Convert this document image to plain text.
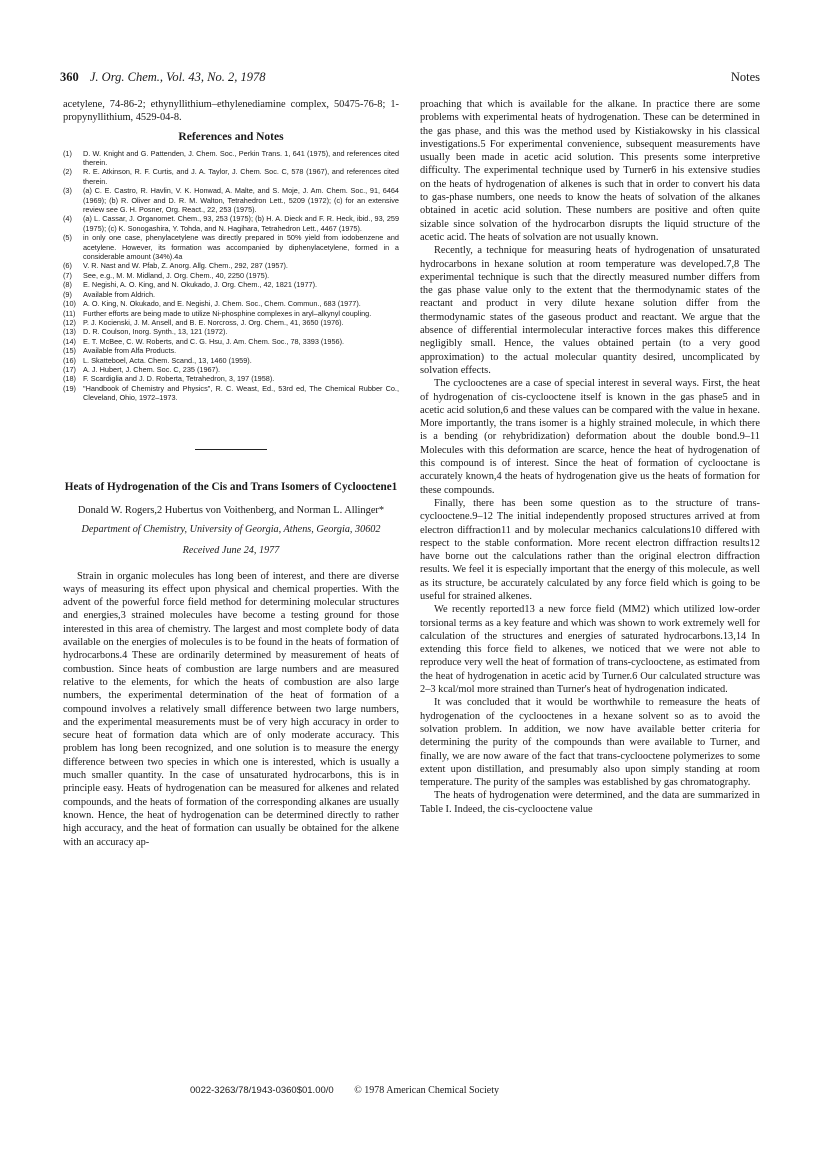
360 J. Org. Chem., Vol. 43, No. 2, 1978	Notes

acetylene, 74-86-2; ethynyllithium–ethylenediamine complex, 50475-76-8; 1-propynyllithium, 4529-04-8.

References and Notes
(1)	D. W. Knight and G. Pattenden, J. Chem. Soc., Perkin Trans. 1, 641 (1975), and references cited therein.
(2)	R. E. Atkinson, R. F. Curtis, and J. A. Taylor, J. Chem. Soc. C, 578 (1967), and references cited therein.
(3)	(a) C. E. Castro, R. Havlin, V. K. Honwad, A. Malte, and S. Moje, J. Am. Chem. Soc., 91, 6464 (1969); (b) R. Oliver and D. R. M. Walton, Tetrahedron Lett., 5209 (1972); (c) for an extensive review see G. H. Posner, Org. React., 22, 253 (1975).
(4)	(a) L. Cassar, J. Organomet. Chem., 93, 253 (1975); (b) H. A. Dieck and F. R. Heck, ibid., 93, 259 (1975); (c) K. Sonogashira, Y. Tohda, and N. Hagihara, Tetrahedron Lett., 4467 (1975).
(5)	in only one case, phenylacetylene was directly prepared in 50% yield from iodobenzene and acetylene. However, its formation was accompanied by diphenylacetylene, formed in a considerable amount (34%).4a
(6)	V. R. Nast and W. Pfab, Z. Anorg. Allg. Chem., 292, 287 (1957).
(7)	See, e.g., M. M. Midland, J. Org. Chem., 40, 2250 (1975).
(8)	E. Negishi, A. O. King, and N. Okukado, J. Org. Chem., 42, 1821 (1977).
(9)	Available from Aldrich.
(10) A. O. King, N. Okukado, and E. Negishi, J. Chem. Soc., Chem. Commun., 683 (1977).
(11)	Further efforts are being made to utilize Ni-phosphine complexes in aryl–alkynyl coupling.
(12) P. J. Kocienski, J. M. Ansell, and B. E. Norcross, J. Org. Chem., 41, 3650 (1976).
(13) D. R. Coulson, Inorg. Synth., 13, 121 (1972).
(14) E. T. McBee, C. W. Roberts, and C. G. Hsu, J. Am. Chem. Soc., 78, 3393 (1956).
(15) Available from Alfa Products.
(16) L. Skatteboel, Acta. Chem. Scand., 13, 1460 (1959).
(17) A. J. Hubert, J. Chem. Soc. C, 235 (1967).
(18) F. Scardiglia and J. D. Roberta, Tetrahedron, 3, 197 (1958).
(19) "Handbook of Chemistry and Physics", R. C. Weast, Ed., 53rd ed, The Chemical Rubber Co., Cleveland, Ohio, 1972–1973.

Heats of Hydrogenation of the Cis and Trans Isomers of Cyclooctene1

Donald W. Rogers,2 Hubertus von Voithenberg, and Norman L. Allinger*

Department of Chemistry, University of Georgia, Athens, Georgia, 30602

Received June 24, 1977

Strain in organic molecules has long been of interest, and there are diverse ways of measuring its effect upon physical and chemical properties. With the advent of the powerful force field method for determining molecular structures and energies,3 strained molecules have become a testing ground for those interested in this area of chemistry. The largest and most complete body of data available on the energies of molecules is to be found in the heats of formation of hydrocarbons.4 These are ordinarily determined by measurement of heats of combustion. Since heats of combustion are large numbers and are measured relative to the elements, for which the heats of combustion are also large numbers, the experimental determination of the heat of formation of a compound involves a relatively small difference between two large numbers, and the experimental measurements must be of very high accuracy in order to secure heat of formation data which are of only moderate accuracy. This problem has long been recognized, and one solution is to measure the energy difference between two species in which one is interested, which is usually a much smaller quantity. In the case of unsaturated hydrocarbons, this is in principle easy. Heats of hydrogenation can be measured for alkenes and related compounds, and the heats of formation of the corresponding alkanes are usually known. Hence, the heat of hydrogenation can be determined directly to rather high accuracy, and the heat of formation can usually be obtained for the alkene with an accuracy ap-

proaching that which is available for the alkane. In practice there are some problems with experimental heats of hydrogenation. These can be determined in the gas phase, and this was the method used by Kistiakowsky in his classical investigations.5 For experimental convenience, subsequent measurements have usually been made in acetic acid solution. This presents some interpretive difficulty. The experimental technique used by Turner6 in his extensive studies on the heats of hydrogenation of alkenes is such that in order to convert his data to gas-phase numbers, one needs to know the heats of solvation of the alkanes obtained in acetic acid solution. These numbers are positive and often quite sizable since solvation of the hydrocarbon disrupts the liquid structure of the acetic acid. The heats of solvation are not usually known.

Recently, a technique for measuring heats of hydrogenation of unsaturated hydrocarbons in hexane solution at room temperature was developed.7,8 The experimental technique is such that the directly measured number differs from the gas phase value only to the extent that the thermodynamic states of the reactant and product in very dilute hexane solution differ from the thermodynamic states of the gaseous product and reactant. We argue that the absence of differential intermolecular interactive forces makes this difference negligibly small. Hence, the values obtained pertain (to a very good approximation) to the actual molecular quantity desired, uncomplicated by solvation effects.

The cyclooctenes are a case of special interest in several ways. First, the heat of hydrogenation of cis-cyclooctene itself is known in the gas phase5 and in acetic acid solution,6 and these values can be compared with the value in hexane. More importantly, the trans isomer is a highly strained molecule, in which there is a bending (or rehybridization) deformation about the double bond.9–11 Molecules with this deformation are scarce, hence the heat of hydrogenation of this compound is of interest. Since the heat of formation of cyclooctane is accurately known,4 the heats of hydrogenation give us the heats of formation for these compounds.

Finally, there has been some question as to the structure of trans-cyclooctene.9–12 The initial independently proposed structures arrived at from electron diffraction11 and by molecular mechanics calculations10 differed with respect to the stable conformation. More recent electron diffraction results12 have borne out the calculations rather than the original electron diffraction results. We feel it is especially important that the energy of this molecule, as well as its structure, be accurately calculated by any force field which is going to be useful for strained alkenes.

We recently reported13 a new force field (MM2) which utilized low-order torsional terms as a key feature and which was shown to work extremely well for calculation of the structures and energies of saturated hydrocarbons.13,14 In extending this force field to alkenes, we noticed that we were not able to reproduce very well the heat of formation of trans-cyclooctene, as estimated from the heat of hydrogenation in acetic acid by Turner.6 Our calculated structure was 2–3 kcal/mol more strained than Turner's heat of hydrogenation indicated.

It was concluded that it would be worthwhile to remeasure the heats of hydrogenation of the cyclooctenes in a hexane solvent so as to avoid the solvation problem. In addition, we now have available better criteria for determining the purity of the compounds than were available to Turner, and finally, we are now aware of the fact that trans-cyclooctene polymerizes to some extent upon distillation, and presumably also upon simply standing at room temperature. The purity of the samples was established by gas chromatography.

The heats of hydrogenation were determined, and the data are summarized in Table I. Indeed, the cis-cyclooctene value

0022-3263/78/1943-0360$01.00/0 © 1978 American Chemical Society
